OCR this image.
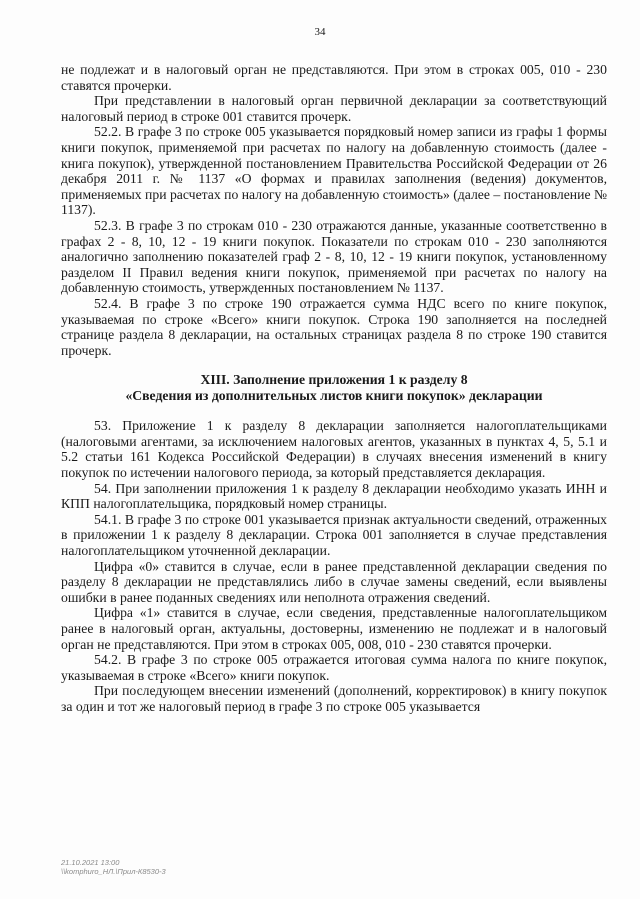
34

не подлежат и в налоговый орган не представляются. При этом в строках 005, 010 - 230 ставятся прочерки.

При представлении в налоговый орган первичной декларации за соответствующий налоговый период в строке 001 ставится прочерк.

52.2. В графе 3 по строке 005 указывается порядковый номер записи из графы 1 формы книги покупок, применяемой при расчетах по налогу на добавленную стоимость (далее - книга покупок), утвержденной постановлением Правительства Российской Федерации от 26 декабря 2011 г. № 1137 «О формах и правилах заполнения (ведения) документов, применяемых при расчетах по налогу на добавленную стоимость» (далее – постановление № 1137).

52.3. В графе 3 по строкам 010 - 230 отражаются данные, указанные соответственно в графах 2 - 8, 10, 12 - 19 книги покупок. Показатели по строкам 010 - 230 заполняются аналогично заполнению показателей граф 2 - 8, 10, 12 - 19 книги покупок, установленному разделом II Правил ведения книги покупок, применяемой при расчетах по налогу на добавленную стоимость, утвержденных постановлением № 1137.

52.4. В графе 3 по строке 190 отражается сумма НДС всего по книге покупок, указываемая по строке «Всего» книги покупок. Строка 190 заполняется на последней странице раздела 8 декларации, на остальных страницах раздела 8 по строке 190 ставится прочерк.

XIII. Заполнение приложения 1 к разделу 8
«Сведения из дополнительных листов книги покупок» декларации

53. Приложение 1 к разделу 8 декларации заполняется налогоплательщиками (налоговыми агентами, за исключением налоговых агентов, указанных в пунктах 4, 5, 5.1 и 5.2 статьи 161 Кодекса Российской Федерации) в случаях внесения изменений в книгу покупок по истечении налогового периода, за который представляется декларация.

54. При заполнении приложения 1 к разделу 8 декларации необходимо указать ИНН и КПП налогоплательщика, порядковый номер страницы.

54.1. В графе 3 по строке 001 указывается признак актуальности сведений, отраженных в приложении 1 к разделу 8 декларации. Строка 001 заполняется в случае представления налогоплательщиком уточненной декларации.

Цифра «0» ставится в случае, если в ранее представленной декларации сведения по разделу 8 декларации не представлялись либо в случае замены сведений, если выявлены ошибки в ранее поданных сведениях или неполнота отражения сведений.

Цифра «1» ставится в случае, если сведения, представленные налогоплательщиком ранее в налоговый орган, актуальны, достоверны, изменению не подлежат и в налоговый орган не представляются. При этом в строках 005, 008, 010 - 230 ставятся прочерки.

54.2. В графе 3 по строке 005 отражается итоговая сумма налога по книге покупок, указываемая в строке «Всего» книги покупок.

При последующем внесении изменений (дополнений, корректировок) в книгу покупок за один и тот же налоговый период в графе 3 по строке 005 указывается

21.10.2021 13:00
\\komphuro_НЛ.\Прил-К8530-3
